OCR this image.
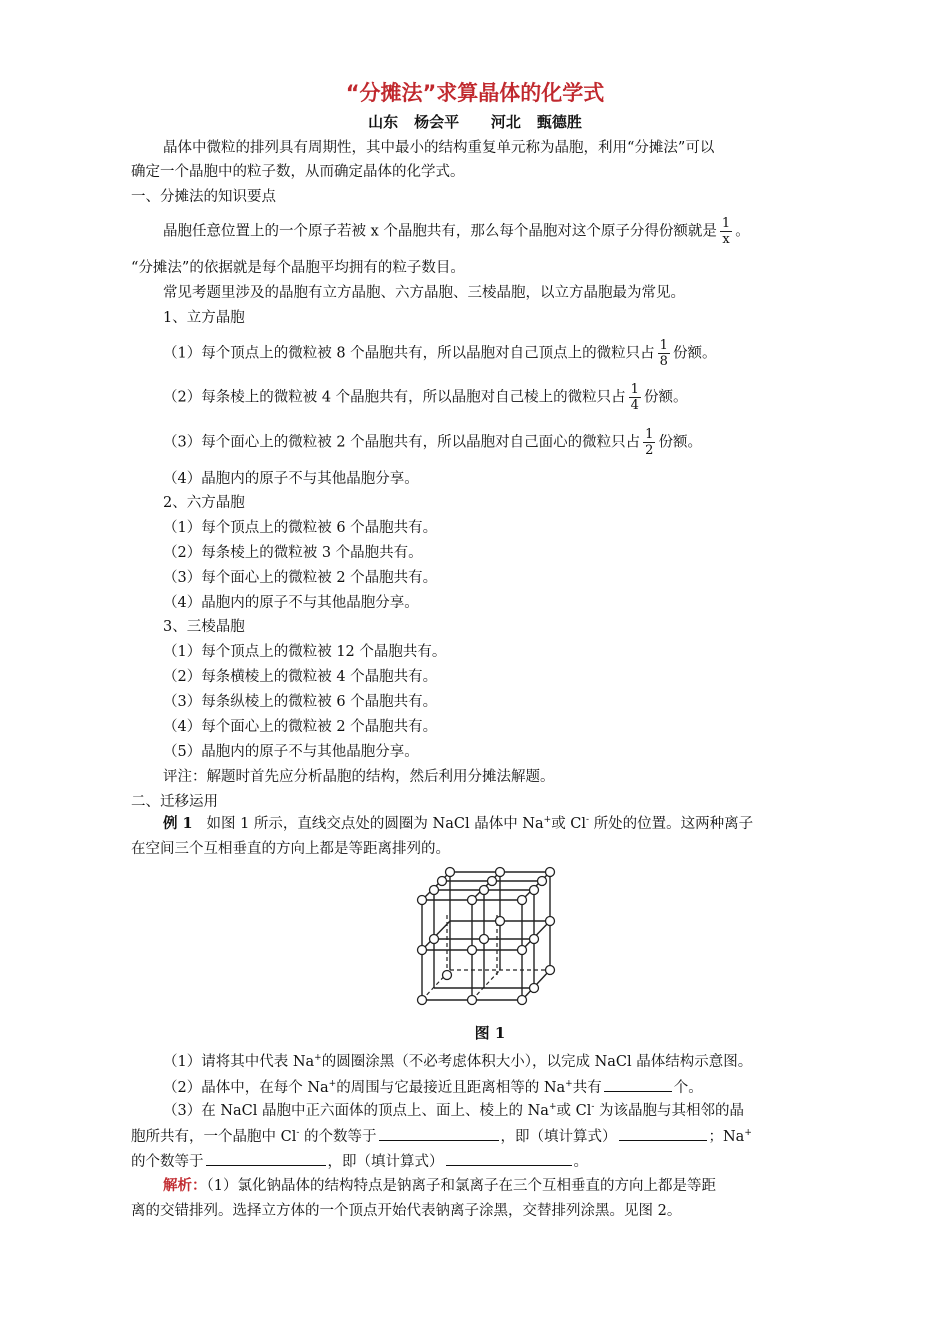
“分摊法”求算晶体的化学式
山东 杨会平 河北 甄德胜
晶体中微粒的排列具有周期性，其中最小的结构重复单元称为晶胞，利用“分摊法”可以
确定一个晶胞中的粒子数，从而确定晶体的化学式。
一、分摊法的知识要点
晶胞任意位置上的一个原子若被 x 个晶胞共有，那么每个晶胞对这个原子分得份额就是 $\frac{1}{x}$ 。
“分摊法”的依据就是每个晶胞平均拥有的粒子数目。
常见考题里涉及的晶胞有立方晶胞、六方晶胞、三棱晶胞，以立方晶胞最为常见。
1、立方晶胞
（1）每个顶点上的微粒被 8 个晶胞共有，所以晶胞对自己顶点上的微粒只占 $\frac{1}{8}$ 份额。
（2）每条棱上的微粒被 4 个晶胞共有，所以晶胞对自己棱上的微粒只占 $\frac{1}{4}$ 份额。
（3）每个面心上的微粒被 2 个晶胞共有，所以晶胞对自己面心的微粒只占 $\frac{1}{2}$ 份额。
（4）晶胞内的原子不与其他晶胞分享。
2、六方晶胞
（1）每个顶点上的微粒被 6 个晶胞共有。
（2）每条棱上的微粒被 3 个晶胞共有。
（3）每个面心上的微粒被 2 个晶胞共有。
（4）晶胞内的原子不与其他晶胞分享。
3、三棱晶胞
（1）每个顶点上的微粒被 12 个晶胞共有。
（2）每条横棱上的微粒被 4 个晶胞共有。
（3）每条纵棱上的微粒被 6 个晶胞共有。
（4）每个面心上的微粒被 2 个晶胞共有。
（5）晶胞内的原子不与其他晶胞分享。
评注：解题时首先应分析晶胞的结构，然后利用分摊法解题。
二、迁移运用
例 1 如图 1 所示，直线交点处的圆圈为 NaCl 晶体中 Na+或 Cl- 所处的位置。这两种离子
在空间三个互相垂直的方向上都是等距离排列的。
图 1
（1）请将其中代表 Na+的圆圈涂黑（不必考虑体积大小），以完成 NaCl 晶体结构示意图。
（2）晶体中，在每个 Na+的周围与它最接近且距离相等的 Na+共有	个。
（3）在 NaCl 晶胞中正六面体的顶点上、面上、棱上的 Na+或 Cl- 为该晶胞与其相邻的晶
胞所共有，一个晶胞中 Cl- 的个数等于	，即（填计算式）	；Na+
的个数等于	，即（填计算式）	。
解析：（1）氯化钠晶体的结构特点是钠离子和氯离子在三个互相垂直的方向上都是等距
离的交错排列。选择立方体的一个顶点开始代表钠离子涂黑，交替排列涂黑。见图 2。
